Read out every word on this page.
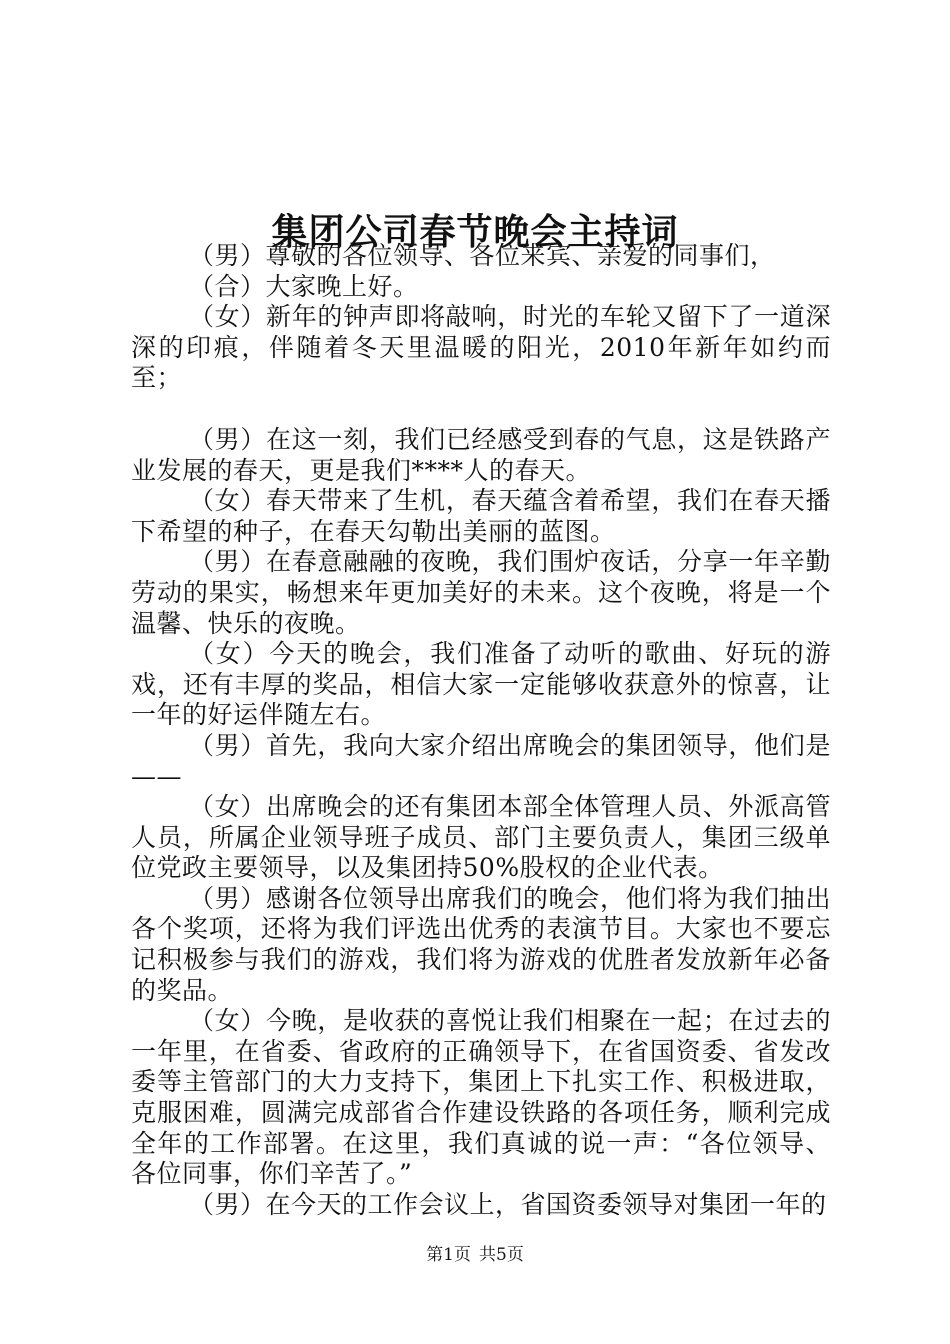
集团公司春节晚会主持词

（男）尊敬的各位领导、各位来宾、亲爱的同事们，

（合）大家晚上好。

（女）新年的钟声即将敲响，时光的车轮又留下了一道深深的印痕，伴随着冬天里温暖的阳光，2010年新年如约而至；

（男）在这一刻，我们已经感受到春的气息，这是铁路产业发展的春天，更是我们****人的春天。

（女）春天带来了生机，春天蕴含着希望，我们在春天播下希望的种子，在春天勾勒出美丽的蓝图。

（男）在春意融融的夜晚，我们围炉夜话，分享一年辛勤劳动的果实，畅想来年更加美好的未来。这个夜晚，将是一个温馨、快乐的夜晚。

（女）今天的晚会，我们准备了动听的歌曲、好玩的游戏，还有丰厚的奖品，相信大家一定能够收获意外的惊喜，让一年的好运伴随左右。

（男）首先，我向大家介绍出席晚会的集团领导，他们是——

（女）出席晚会的还有集团本部全体管理人员、外派高管人员，所属企业领导班子成员、部门主要负责人，集团三级单位党政主要领导，以及集团持50%股权的企业代表。

（男）感谢各位领导出席我们的晚会，他们将为我们抽出各个奖项，还将为我们评选出优秀的表演节目。大家也不要忘记积极参与我们的游戏，我们将为游戏的优胜者发放新年必备的奖品。

（女）今晚，是收获的喜悦让我们相聚在一起；在过去的一年里，在省委、省政府的正确领导下，在省国资委、省发改委等主管部门的大力支持下，集团上下扎实工作、积极进取，克服困难，圆满完成部省合作建设铁路的各项任务，顺利完成全年的工作部署。在这里，我们真诚的说一声：“各位领导、各位同事，你们辛苦了。”

（男）在今天的工作会议上，省国资委领导对集团一年的

第1页 共5页
